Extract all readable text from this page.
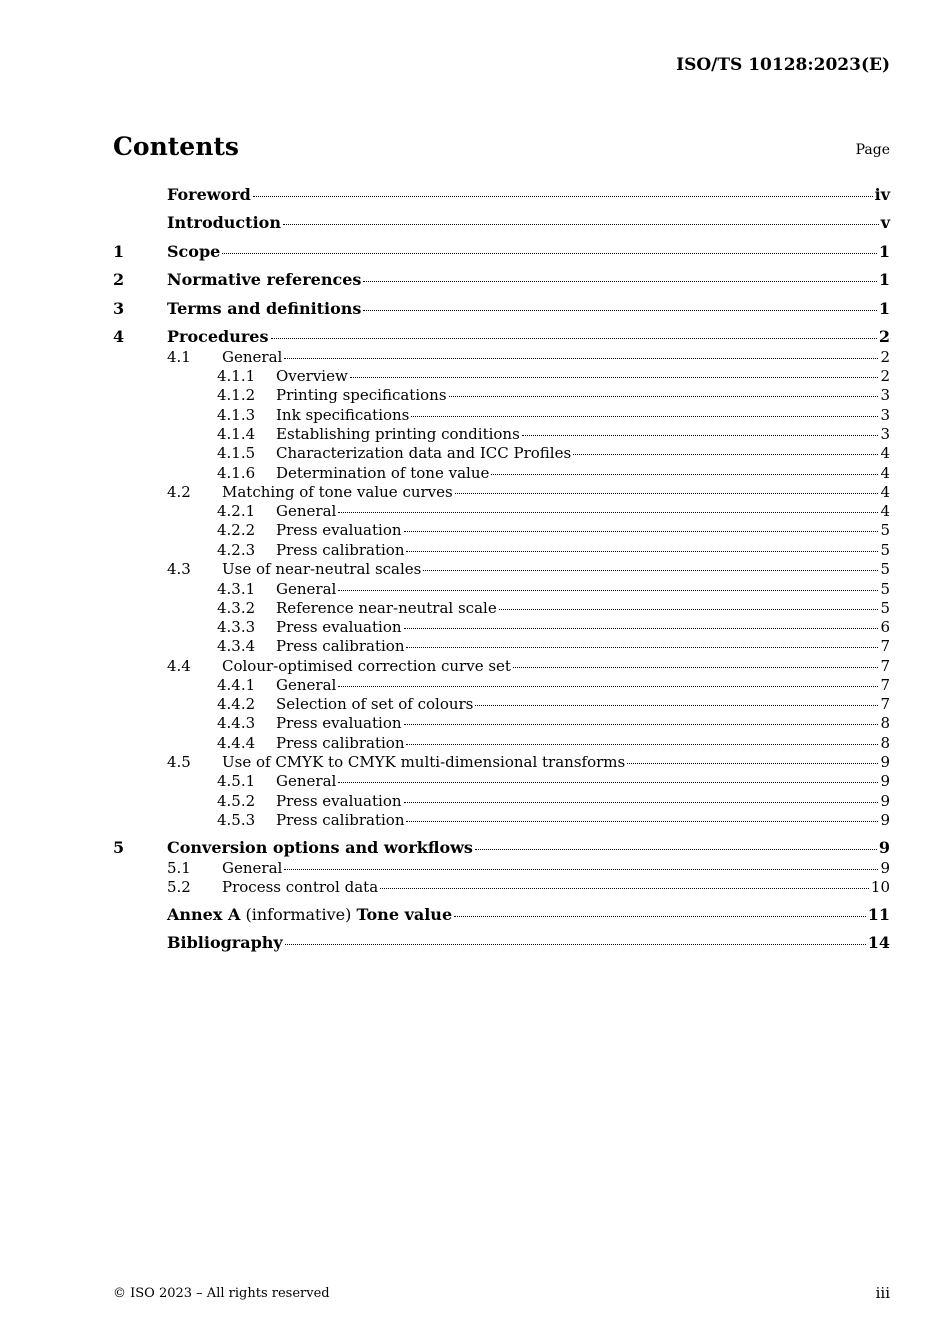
ISO/TS 10128:2023(E)
Contents	Page
Foreword	iv
Introduction	v
1	Scope	1
2	Normative references	1
3	Terms and definitions	1
4	Procedures	2
4.1	General	2
4.1.1	Overview	2
4.1.2	Printing specifications	3
4.1.3	Ink specifications	3
4.1.4	Establishing printing conditions	3
4.1.5	Characterization data and ICC Profiles	4
4.1.6	Determination of tone value	4
4.2	Matching of tone value curves	4
4.2.1	General	4
4.2.2	Press evaluation	5
4.2.3	Press calibration	5
4.3	Use of near-neutral scales	5
4.3.1	General	5
4.3.2	Reference near-neutral scale	5
4.3.3	Press evaluation	6
4.3.4	Press calibration	7
4.4	Colour-optimised correction curve set	7
4.4.1	General	7
4.4.2	Selection of set of colours	7
4.4.3	Press evaluation	8
4.4.4	Press calibration	8
4.5	Use of CMYK to CMYK multi-dimensional transforms	9
4.5.1	General	9
4.5.2	Press evaluation	9
4.5.3	Press calibration	9
5	Conversion options and workflows	9
5.1	General	9
5.2	Process control data	10
Annex A (informative) Tone value	11
Bibliography	14
© ISO 2023 – All rights reserved	iii
